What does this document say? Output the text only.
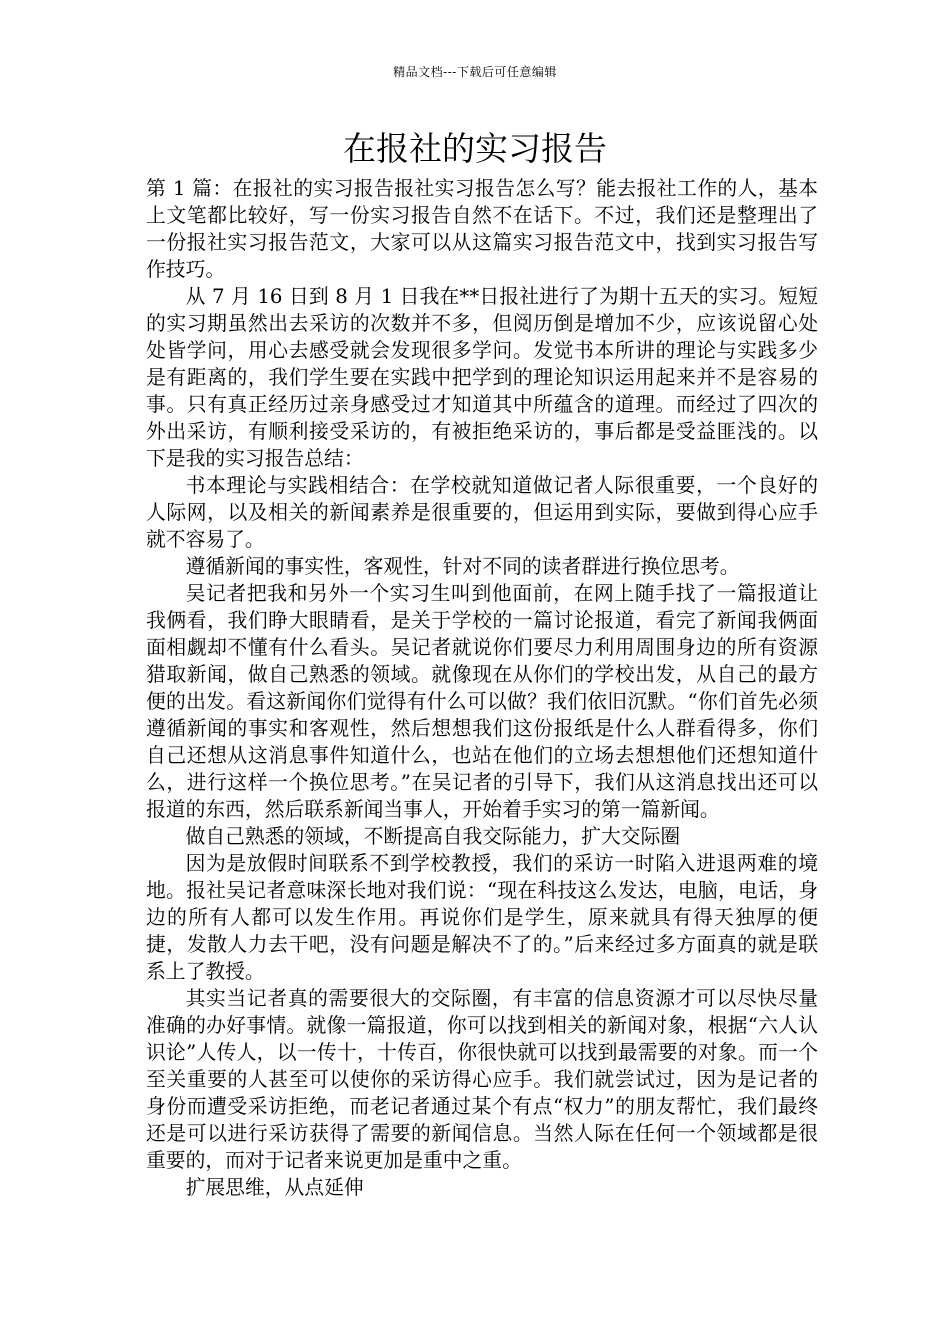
精品文档---下载后可任意编辑
在报社的实习报告

第 1 篇：在报社的实习报告报社实习报告怎么写？能去报社工作的人，基本上文笔都比较好，写一份实习报告自然不在话下。不过，我们还是整理出了一份报社实习报告范文，大家可以从这篇实习报告范文中，找到实习报告写作技巧。

从 7 月 16 日到 8 月 1 日我在**日报社进行了为期十五天的实习。短短的实习期虽然出去采访的次数并不多，但阅历倒是增加不少，应该说留心处处皆学问，用心去感受就会发现很多学问。发觉书本所讲的理论与实践多少是有距离的，我们学生要在实践中把学到的理论知识运用起来并不是容易的事。只有真正经历过亲身感受过才知道其中所蕴含的道理。而经过了四次的外出采访，有顺利接受采访的，有被拒绝采访的，事后都是受益匪浅的。以下是我的实习报告总结：

书本理论与实践相结合：在学校就知道做记者人际很重要，一个良好的人际网，以及相关的新闻素养是很重要的，但运用到实际，要做到得心应手就不容易了。

遵循新闻的事实性，客观性，针对不同的读者群进行换位思考。

吴记者把我和另外一个实习生叫到他面前，在网上随手找了一篇报道让我俩看，我们睁大眼睛看，是关于学校的一篇讨论报道，看完了新闻我俩面面相觑却不懂有什么看头。吴记者就说你们要尽力利用周围身边的所有资源猎取新闻，做自己熟悉的领域。就像现在从你们的学校出发，从自己的最方便的出发。看这新闻你们觉得有什么可以做？我们依旧沉默。“你们首先必须遵循新闻的事实和客观性，然后想想我们这份报纸是什么人群看得多，你们自己还想从这消息事件知道什么，也站在他们的立场去想想他们还想知道什么，进行这样一个换位思考。”在吴记者的引导下，我们从这消息找出还可以报道的东西，然后联系新闻当事人，开始着手实习的第一篇新闻。

做自己熟悉的领域，不断提高自我交际能力，扩大交际圈

因为是放假时间联系不到学校教授，我们的采访一时陷入进退两难的境地。报社吴记者意味深长地对我们说：“现在科技这么发达，电脑，电话，身边的所有人都可以发生作用。再说你们是学生，原来就具有得天独厚的便捷，发散人力去干吧，没有问题是解决不了的。”后来经过多方面真的就是联系上了教授。

其实当记者真的需要很大的交际圈，有丰富的信息资源才可以尽快尽量准确的办好事情。就像一篇报道，你可以找到相关的新闻对象，根据“六人认识论”人传人，以一传十，十传百，你很快就可以找到最需要的对象。而一个至关重要的人甚至可以使你的采访得心应手。我们就尝试过，因为是记者的身份而遭受采访拒绝，而老记者通过某个有点“权力”的朋友帮忙，我们最终还是可以进行采访获得了需要的新闻信息。当然人际在任何一个领域都是很重要的，而对于记者来说更加是重中之重。

扩展思维，从点延伸
